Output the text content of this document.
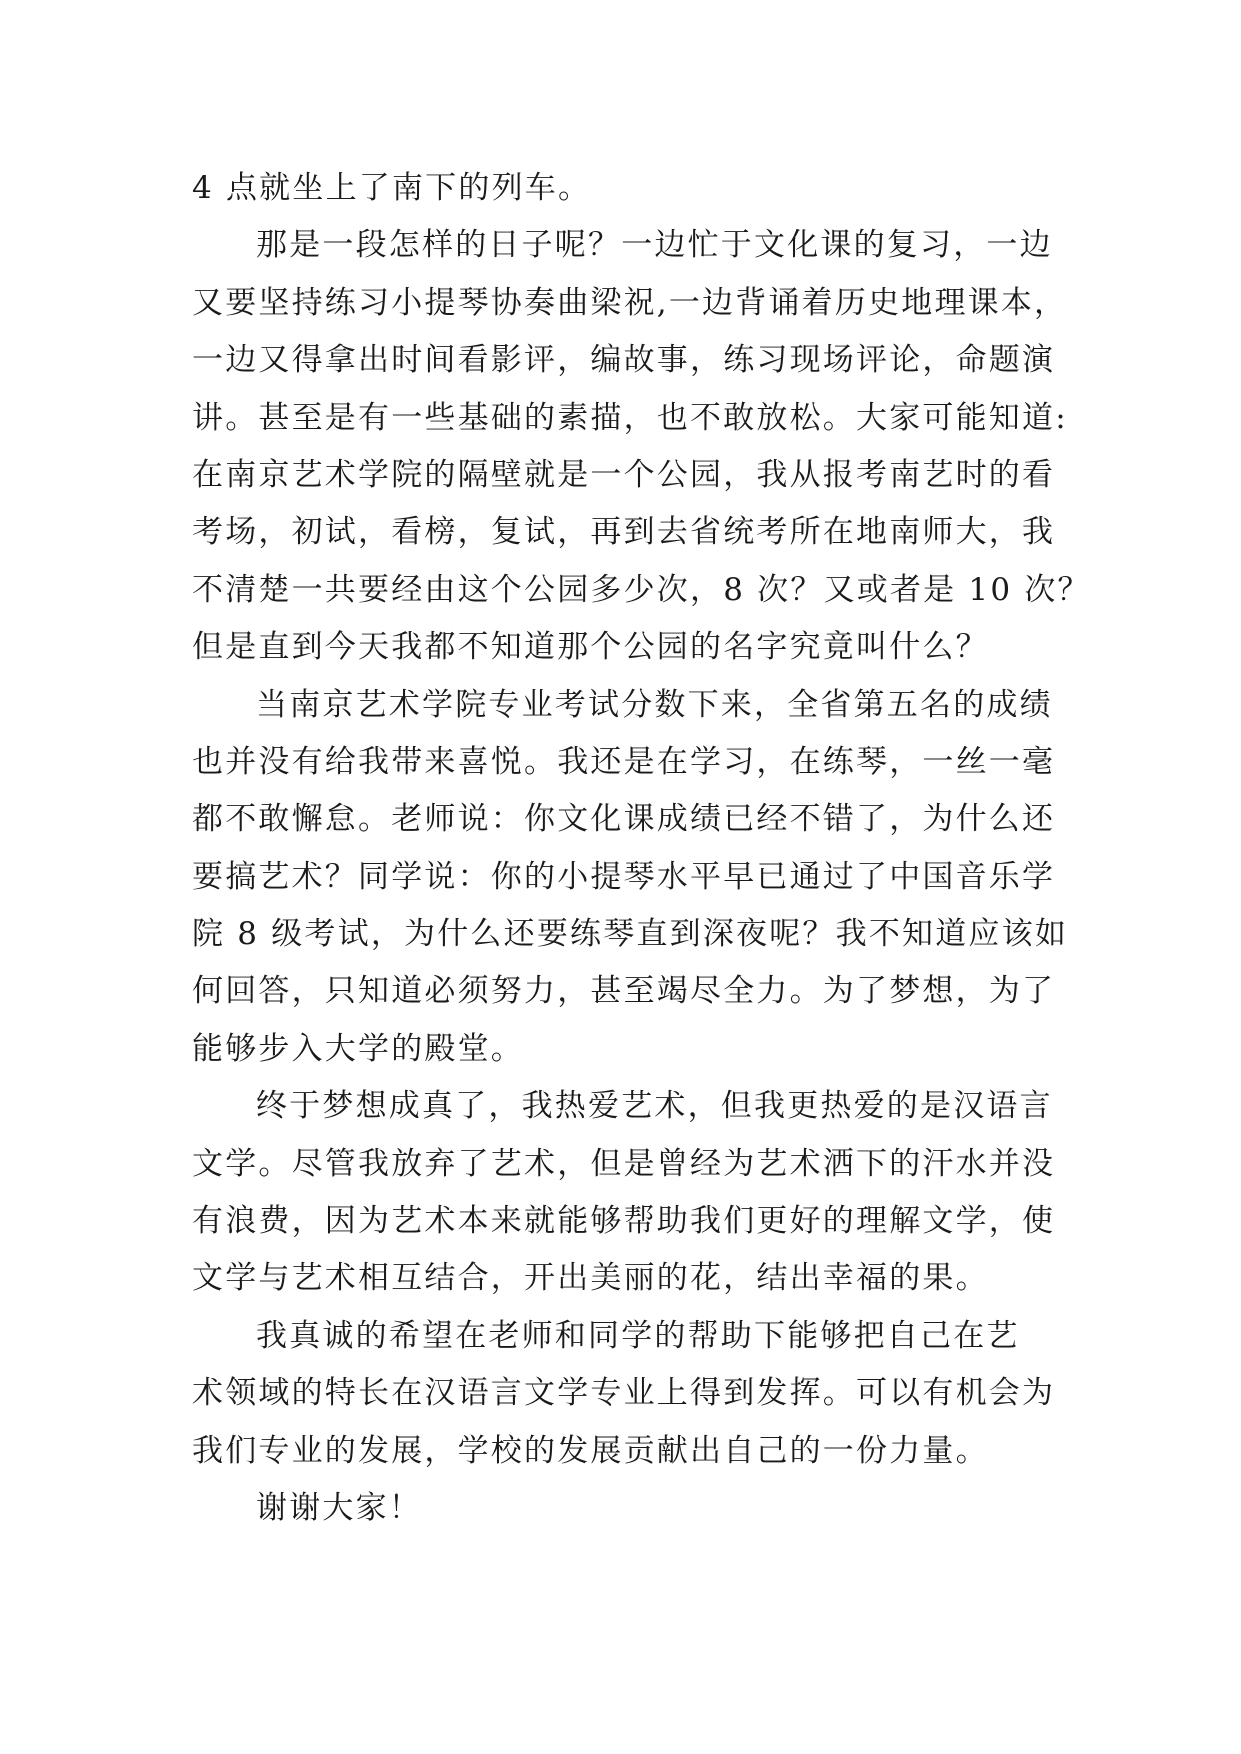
4 点就坐上了南下的列车。
那是一段怎样的日子呢？一边忙于文化课的复习，一边
又要坚持练习小提琴协奏曲梁祝,一边背诵着历史地理课本，
一边又得拿出时间看影评，编故事，练习现场评论，命题演
讲。甚至是有一些基础的素描，也不敢放松。大家可能知道:
在南京艺术学院的隔壁就是一个公园，我从报考南艺时的看
考场，初试，看榜，复试，再到去省统考所在地南师大，我
不清楚一共要经由这个公园多少次，8 次？又或者是 10 次？
但是直到今天我都不知道那个公园的名字究竟叫什么？
当南京艺术学院专业考试分数下来，全省第五名的成绩
也并没有给我带来喜悦。我还是在学习，在练琴，一丝一毫
都不敢懈怠。老师说：你文化课成绩已经不错了，为什么还
要搞艺术？同学说：你的小提琴水平早已通过了中国音乐学
院 8 级考试，为什么还要练琴直到深夜呢？我不知道应该如
何回答，只知道必须努力，甚至竭尽全力。为了梦想，为了
能够步入大学的殿堂。
终于梦想成真了，我热爱艺术，但我更热爱的是汉语言
文学。尽管我放弃了艺术，但是曾经为艺术洒下的汗水并没
有浪费，因为艺术本来就能够帮助我们更好的理解文学，使
文学与艺术相互结合，开出美丽的花，结出幸福的果。
我真诚的希望在老师和同学的帮助下能够把自己在艺
术领域的特长在汉语言文学专业上得到发挥。可以有机会为
我们专业的发展，学校的发展贡献出自己的一份力量。
谢谢大家！
